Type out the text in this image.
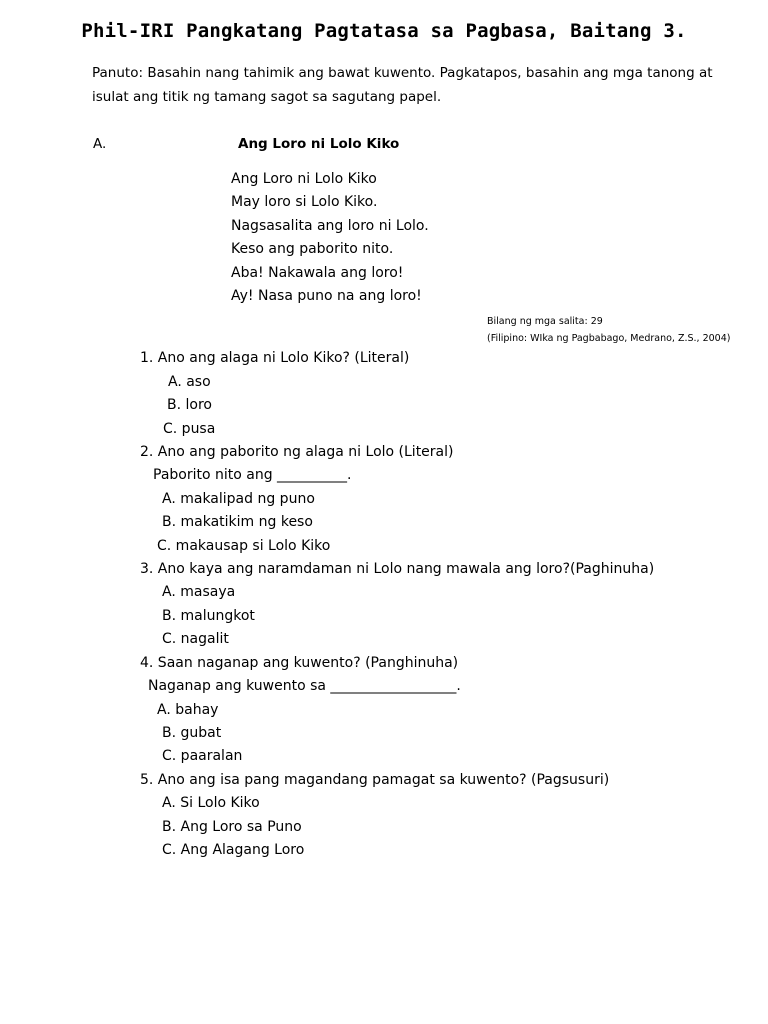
Phil-IRI Pangkatang Pagtatasa sa Pagbasa, Baitang 3.
Panuto: Basahin nang tahimik ang bawat kuwento. Pagkatapos, basahin ang mga tanong at
isulat ang titik ng tamang sagot sa sagutang papel.
A.	Ang Loro ni Lolo Kiko
Ang Loro ni Lolo Kiko
May loro si Lolo Kiko.
Nagsasalita ang loro ni Lolo.
Keso ang paborito nito.
Aba! Nakawala ang loro!
Ay! Nasa puno na ang loro!
Bilang ng mga salita: 29
(Filipino: WIka ng Pagbabago, Medrano, Z.S., 2004)
1. Ano ang alaga ni Lolo Kiko? (Literal)
A. aso
B. loro
C. pusa
2. Ano ang paborito ng alaga ni Lolo (Literal)
Paborito nito ang __________.
A. makalipad ng puno
B. makatikim ng keso
C. makausap si Lolo Kiko
3. Ano kaya ang naramdaman ni Lolo nang mawala ang loro?(Paghinuha)
A. masaya
B. malungkot
C. nagalit
4. Saan naganap ang kuwento? (Panghinuha)
Naganap ang kuwento sa __________________.
A. bahay
B. gubat
C. paaralan
5. Ano ang isa pang magandang pamagat sa kuwento? (Pagsusuri)
A. Si Lolo Kiko
B. Ang Loro sa Puno
C. Ang Alagang Loro
